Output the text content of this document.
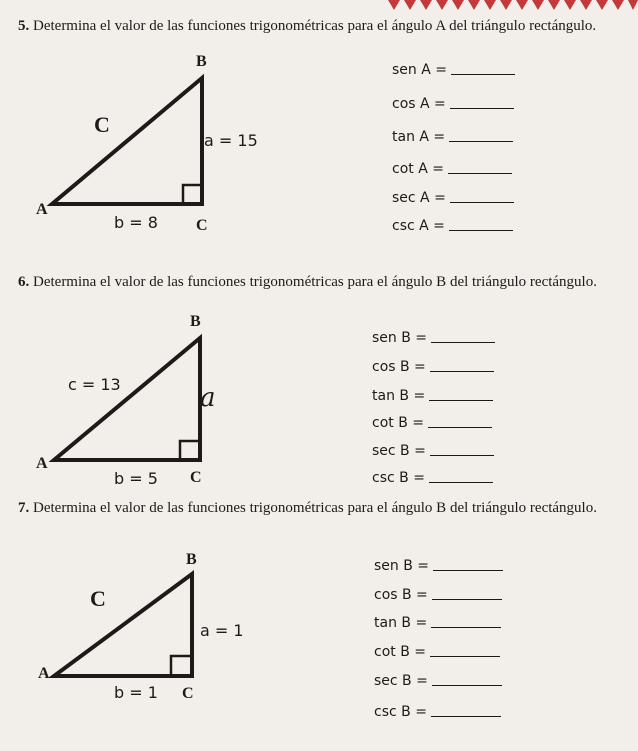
5. Determina el valor de las funciones trigonométricas para el ángulo A del triángulo rectángulo.

B
A
C
C
a = 15
b = 8
sen A =
cos A =
tan A =
cot A =
sec A =
csc A =

6. Determina el valor de las funciones trigonométricas para el ángulo B del triángulo rectángulo.

B
A
C
c = 13	a
b = 5
sen B =
cos B =
tan B =
cot B =
sec B =
csc B =

7. Determina el valor de las funciones trigonométricas para el ángulo B del triángulo rectángulo.

B
A
C
C
a = 1
b = 1
sen B =
cos B =
tan B =
cot B =
sec B =
csc B =
